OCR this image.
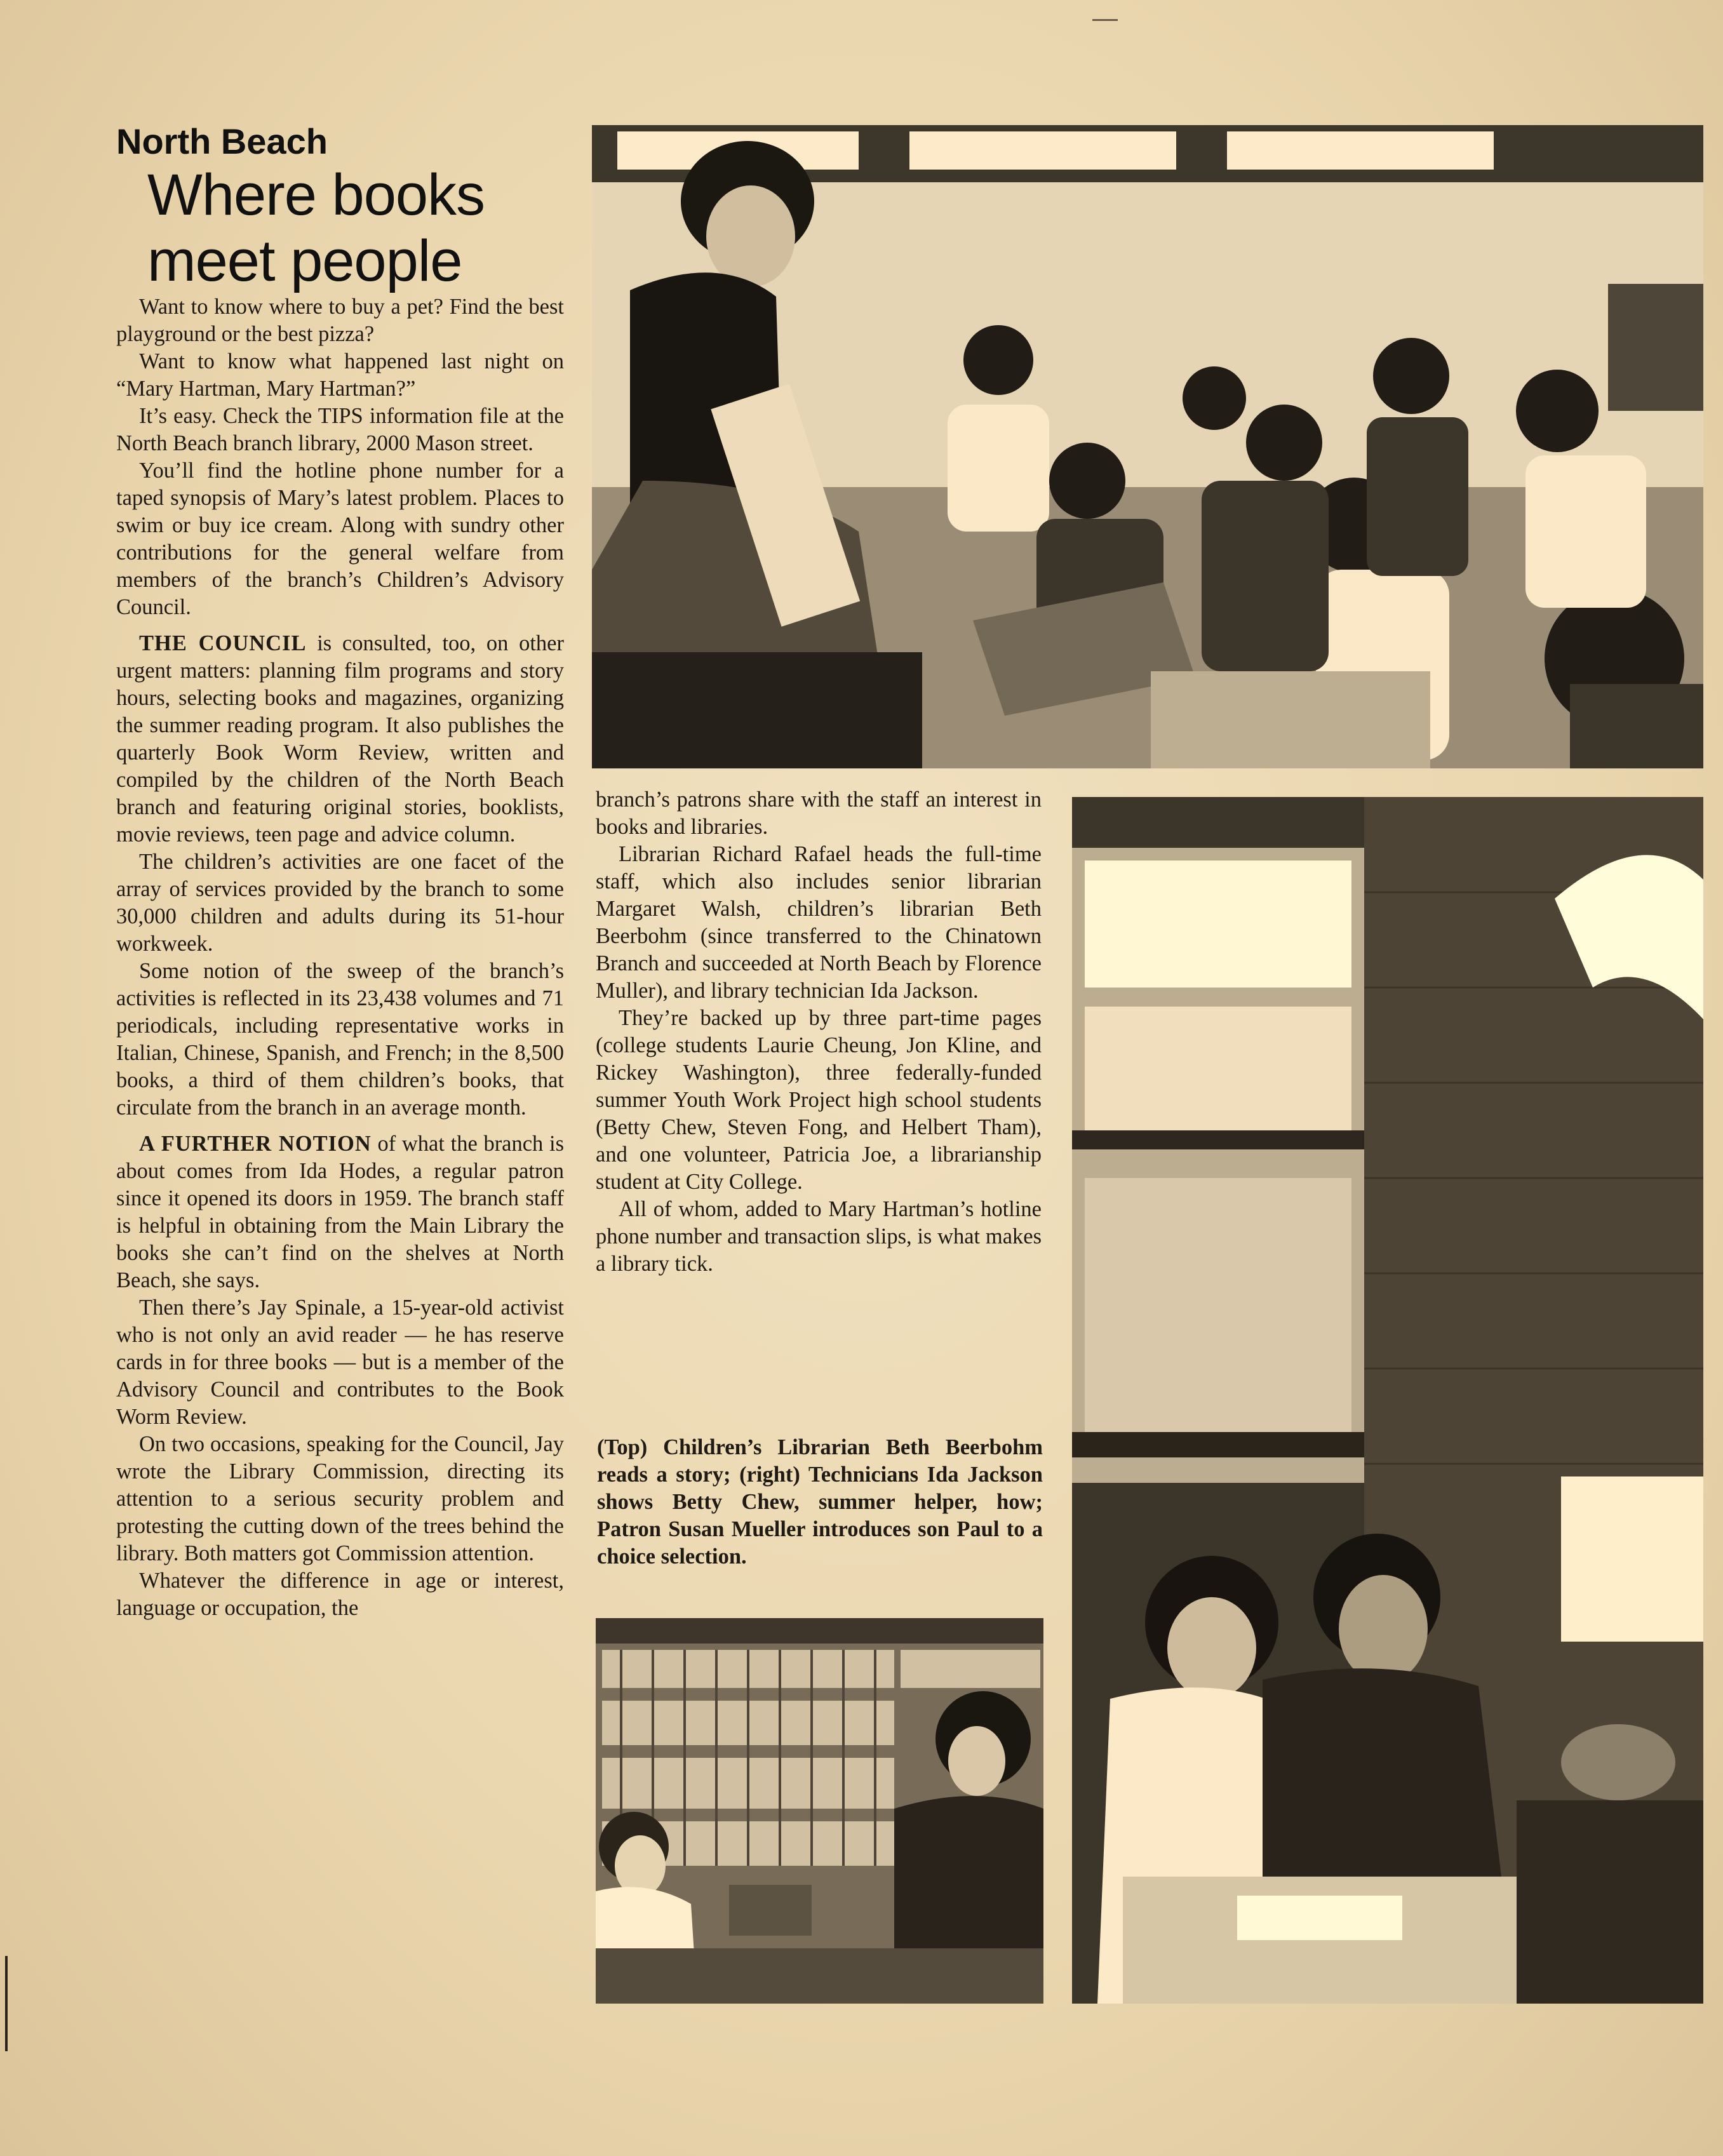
North Beach
Where books meet people

Want to know where to buy a pet? Find the best playground or the best pizza?

Want to know what happened last night on “Mary Hartman, Mary Hartman?”

It’s easy. Check the TIPS information file at the North Beach branch library, 2000 Mason street.

You’ll find the hotline phone number for a taped synopsis of Mary’s latest problem. Places to swim or buy ice cream. Along with sundry other contributions for the general welfare from members of the branch’s Children’s Advisory Council.

THE COUNCIL is consulted, too, on other urgent matters: planning film programs and story hours, selecting books and magazines, organizing the summer reading program. It also publishes the quarterly Book Worm Review, written and compiled by the children of the North Beach branch and featuring original stories, booklists, movie reviews, teen page and advice column.

The children’s activities are one facet of the array of services provided by the branch to some 30,000 children and adults during its 51-hour workweek.

Some notion of the sweep of the branch’s activities is reflected in its 23,438 volumes and 71 periodicals, including representative works in Italian, Chinese, Spanish, and French; in the 8,500 books, a third of them children’s books, that circulate from the branch in an average month.

A FURTHER NOTION of what the branch is about comes from Ida Hodes, a regular patron since it opened its doors in 1959. The branch staff is helpful in obtaining from the Main Library the books she can’t find on the shelves at North Beach, she says.

Then there’s Jay Spinale, a 15-year-old activist who is not only an avid reader — he has reserve cards in for three books — but is a member of the Advisory Council and contributes to the Book Worm Review.

On two occasions, speaking for the Council, Jay wrote the Library Commission, directing its attention to a serious security problem and protesting the cutting down of the trees behind the library. Both matters got Commission attention.

Whatever the difference in age or interest, language or occupation, the

branch’s patrons share with the staff an interest in books and libraries.

Librarian Richard Rafael heads the full-time staff, which also includes senior librarian Margaret Walsh, children’s librarian Beth Beerbohm (since transferred to the Chinatown Branch and succeeded at North Beach by Florence Muller), and library technician Ida Jackson.

They’re backed up by three part-time pages (college students Laurie Cheung, Jon Kline, and Rickey Washington), three federally-funded summer Youth Work Project high school students (Betty Chew, Steven Fong, and Helbert Tham), and one volunteer, Patricia Joe, a librarianship student at City College.

All of whom, added to Mary Hartman’s hotline phone number and transaction slips, is what makes a library tick.

(Top) Children’s Librarian Beth Beerbohm reads a story; (right) Technicians Ida Jackson shows Betty Chew, summer helper, how; Patron Susan Mueller introduces son Paul to a choice selection.
